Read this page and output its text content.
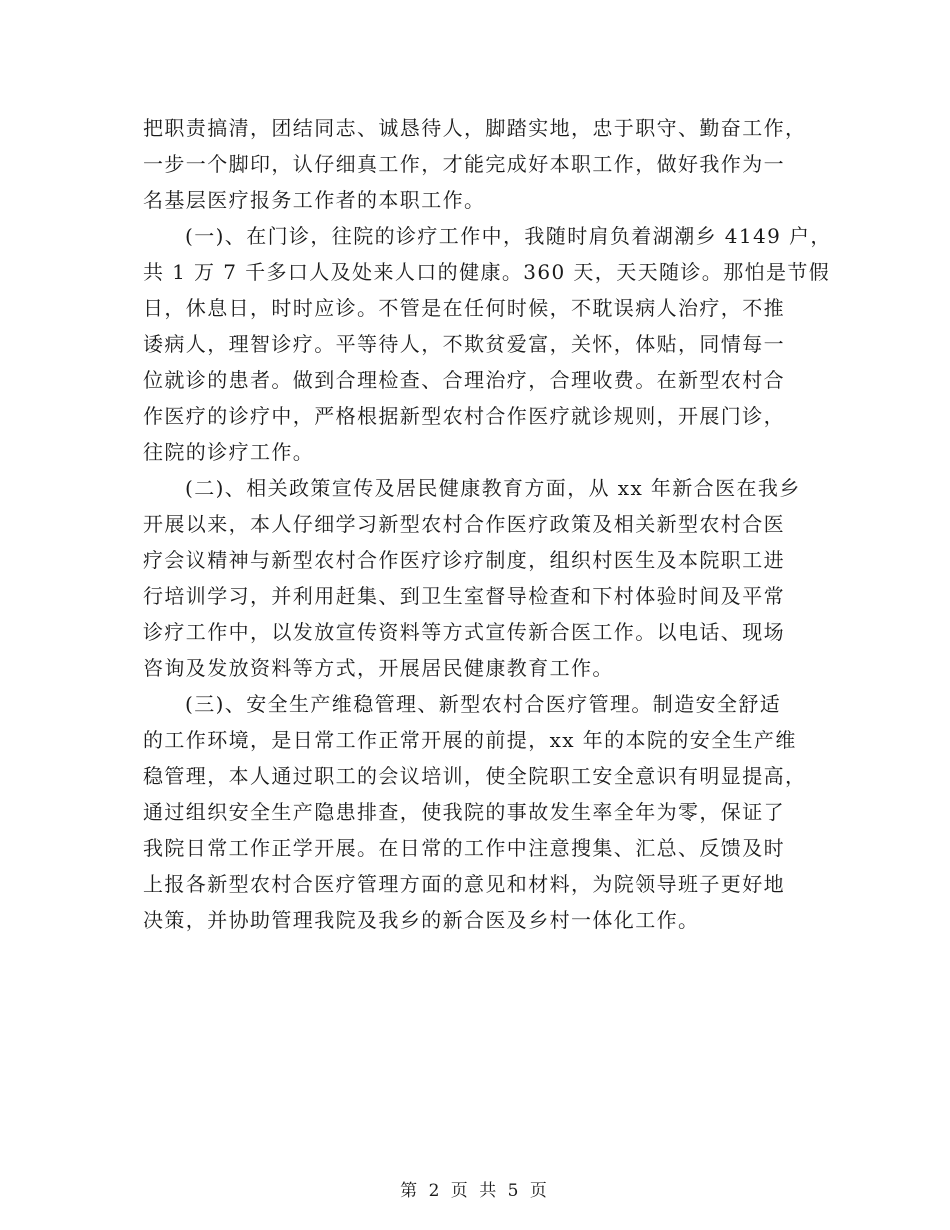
把职责搞清，团结同志、诚恳待人，脚踏实地，忠于职守、勤奋工作，
一步一个脚印，认仔细真工作，才能完成好本职工作，做好我作为一
名基层医疗报务工作者的本职工作。
(一)、在门诊，往院的诊疗工作中，我随时肩负着湖潮乡 4149 户，
共 1 万 7 千多口人及处来人口的健康。360 天，天天随诊。那怕是节假
日，休息日，时时应诊。不管是在任何时候，不耽误病人治疗，不推
诿病人，理智诊疗。平等待人，不欺贫爱富，关怀，体贴，同情每一
位就诊的患者。做到合理检查、合理治疗，合理收费。在新型农村合
作医疗的诊疗中，严格根据新型农村合作医疗就诊规则，开展门诊，
往院的诊疗工作。
(二)、相关政策宣传及居民健康教育方面，从 xx 年新合医在我乡
开展以来，本人仔细学习新型农村合作医疗政策及相关新型农村合医
疗会议精神与新型农村合作医疗诊疗制度，组织村医生及本院职工进
行培训学习，并利用赶集、到卫生室督导检查和下村体验时间及平常
诊疗工作中，以发放宣传资料等方式宣传新合医工作。以电话、现场
咨询及发放资料等方式，开展居民健康教育工作。
(三)、安全生产维稳管理、新型农村合医疗管理。制造安全舒适
的工作环境，是日常工作正常开展的前提，xx 年的本院的安全生产维
稳管理，本人通过职工的会议培训，使全院职工安全意识有明显提高，
通过组织安全生产隐患排查，使我院的事故发生率全年为零，保证了
我院日常工作正学开展。在日常的工作中注意搜集、汇总、反馈及时
上报各新型农村合医疗管理方面的意见和材料，为院领导班子更好地
决策，并协助管理我院及我乡的新合医及乡村一体化工作。
第 2 页 共 5 页
